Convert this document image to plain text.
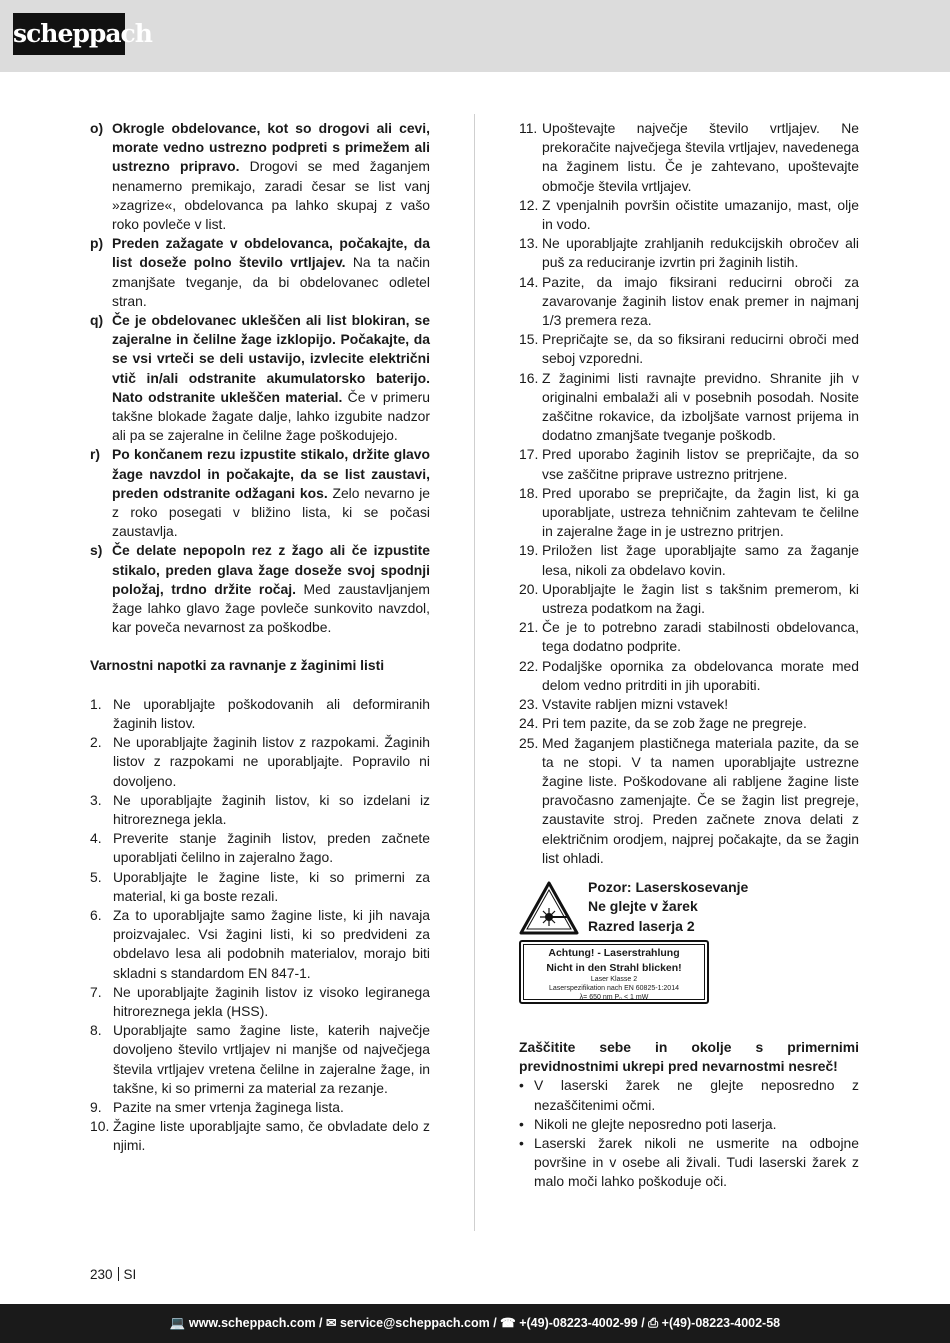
scheppach
o) Okrogle obdelovance, kot so drogovi ali cevi, morate vedno ustrezno podpreti s primežem ali ustrezno pripravo. Drogovi se med žaganjem nenamerno premikajo, zaradi česar se list vanj »zagrize«, obdelovanca pa lahko skupaj z vašo roko povleče v list.
p) Preden zažagate v obdelovanca, počakajte, da list doseže polno število vrtljajev. Na ta način zmanjšate tveganje, da bi obdelovanec odletel stran.
q) Če je obdelovanec ukleščen ali list blokiran, se zajeralne in čelilne žage izklopijo. Počakajte, da se vsi vrteči se deli ustavijo, izvlecite električni vtič in/ali odstranite akumulatorsko baterijo. Nato odstranite ukleščen material. Če v primeru takšne blokade žagate dalje, lahko izgubite nadzor ali pa se zajeralne in čelilne žage poškodujejo.
r) Po končanem rezu izpustite stikalo, držite glavo žage navzdol in počakajte, da se list zaustavi, preden odstranite odžagani kos. Zelo nevarno je z roko posegati v bližino lista, ki se počasi zaustavlja.
s) Če delate nepopoln rez z žago ali če izpustite stikalo, preden glava žage doseže svoj spodnji položaj, trdno držite ročaj. Med zaustavljanjem žage lahko glavo žage povleče sunkovito navzdol, kar poveča nevarnost za poškodbe.
Varnostni napotki za ravnanje z žaginimi listi
1. Ne uporabljajte poškodovanih ali deformiranih žaginih listov.
2. Ne uporabljajte žaginih listov z razpokami. Žaginih listov z razpokami ne uporabljajte. Popravilo ni dovoljeno.
3. Ne uporabljajte žaginih listov, ki so izdelani iz hitroreznega jekla.
4. Preverite stanje žaginih listov, preden začnete uporabljati čelilno in zajeralno žago.
5. Uporabljajte le žagine liste, ki so primerni za material, ki ga boste rezali.
6. Za to uporabljajte samo žagine liste, ki jih navaja proizvajalec. Vsi žagini listi, ki so predvideni za obdelavo lesa ali podobnih materialov, morajo biti skladni s standardom EN 847-1.
7. Ne uporabljajte žaginih listov iz visoko legiranega hitroreznega jekla (HSS).
8. Uporabljajte samo žagine liste, katerih največje dovoljeno število vrtljajev ni manjše od največjega števila vrtljajev vretena čelilne in zajeralne žage, in takšne, ki so primerni za material za rezanje.
9. Pazite na smer vrtenja žaginega lista.
10. Žagine liste uporabljajte samo, če obvladate delo z njimi.
11. Upoštevajte največje število vrtljajev. Ne prekoračite največjega števila vrtljajev, navedenega na žaginem listu. Če je zahtevano, upoštevajte območje števila vrtljajev.
12. Z vpenjalnih površin očistite umazanijo, mast, olje in vodo.
13. Ne uporabljajte zrahljanih redukcijskih obročev ali puš za reduciranje izvrtin pri žaginih listih.
14. Pazite, da imajo fiksirani reducirni obroči za zavarovanje žaginih listov enak premer in najmanj 1/3 premera reza.
15. Prepričajte se, da so fiksirani reducirni obroči med seboj vzporedni.
16. Z žaginimi listi ravnajte previdno. Shranite jih v originalni embalaži ali v posebnih posodah. Nosite zaščitne rokavice, da izboljšate varnost prijema in dodatno zmanjšate tveganje poškodb.
17. Pred uporabo žaginih listov se prepričajte, da so vse zaščitne priprave ustrezno pritrjene.
18. Pred uporabo se prepričajte, da žagin list, ki ga uporabljate, ustreza tehničnim zahtevam te čelilne in zajeralne žage in je ustrezno pritrjen.
19. Priložen list žage uporabljajte samo za žaganje lesa, nikoli za obdelavo kovin.
20. Uporabljajte le žagin list s takšnim premerom, ki ustreza podatkom na žagi.
21. Če je to potrebno zaradi stabilnosti obdelovanca, tega dodatno podprite.
22. Podaljške opornika za obdelovanca morate med delom vedno pritrditi in jih uporabiti.
23. Vstavite rabljen mizni vstavek!
24. Pri tem pazite, da se zob žage ne pregreje.
25. Med žaganjem plastičnega materiala pazite, da se ta ne stopi. V ta namen uporabljajte ustrezne žagine liste. Poškodovane ali rabljene žagine liste pravočasno zamenjajte. Če se žagin list pregreje, zaustavite stroj. Preden začnete znova delati z električnim orodjem, najprej počakajte, da se žagin list ohladi.
Pozor: Laserskosevanje
Ne glejte v žarek
Razred laserja 2
Achtung! - Laserstrahlung
Nicht in den Strahl blicken!
Laser Klasse 2
Laserspezifikation nach EN 60825-1:2014
λ= 650 nm P₀ < 1 mW
Zaščitite sebe in okolje s primernimi previdnostnimi ukrepi pred nevarnostmi nesreč!
• V laserski žarek ne glejte neposredno z nezaščitenimi očmi.
• Nikoli ne glejte neposredno poti laserja.
• Laserski žarek nikoli ne usmerite na odbojne površine in v osebe ali živali. Tudi laserski žarek z malo moči lahko poškoduje oči.
230 SI
💻 www.scheppach.com / ✉ service@scheppach.com / ☎ +(49)-08223-4002-99 / ⎙ +(49)-08223-4002-58
